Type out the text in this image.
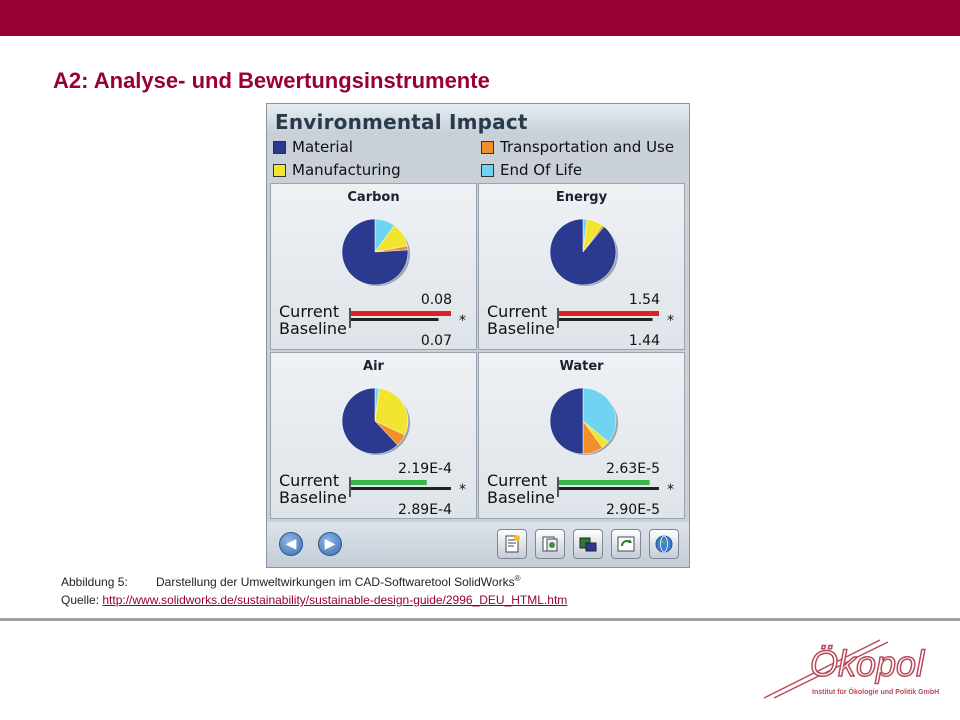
A2: Analyse- und Bewertungsinstrumente
Environmental Impact
Material
Manufacturing
Transportation and Use
End Of Life
Carbon
Current
Baseline
0.08
0.07
*
Energy
Current
Baseline
1.54
1.44
*
Air
Current
Baseline
2.19E-4
2.89E-4
*
Water
Current
Baseline
2.63E-5
2.90E-5
*
◀	▶
Abbildung 5: Darstellung der Umweltwirkungen im CAD-Softwaretool SolidWorks®
Quelle: http://www.solidworks.de/sustainability/sustainable-design-guide/2996_DEU_HTML.htm
Ökopol
Institut für Ökologie und Politik GmbH
